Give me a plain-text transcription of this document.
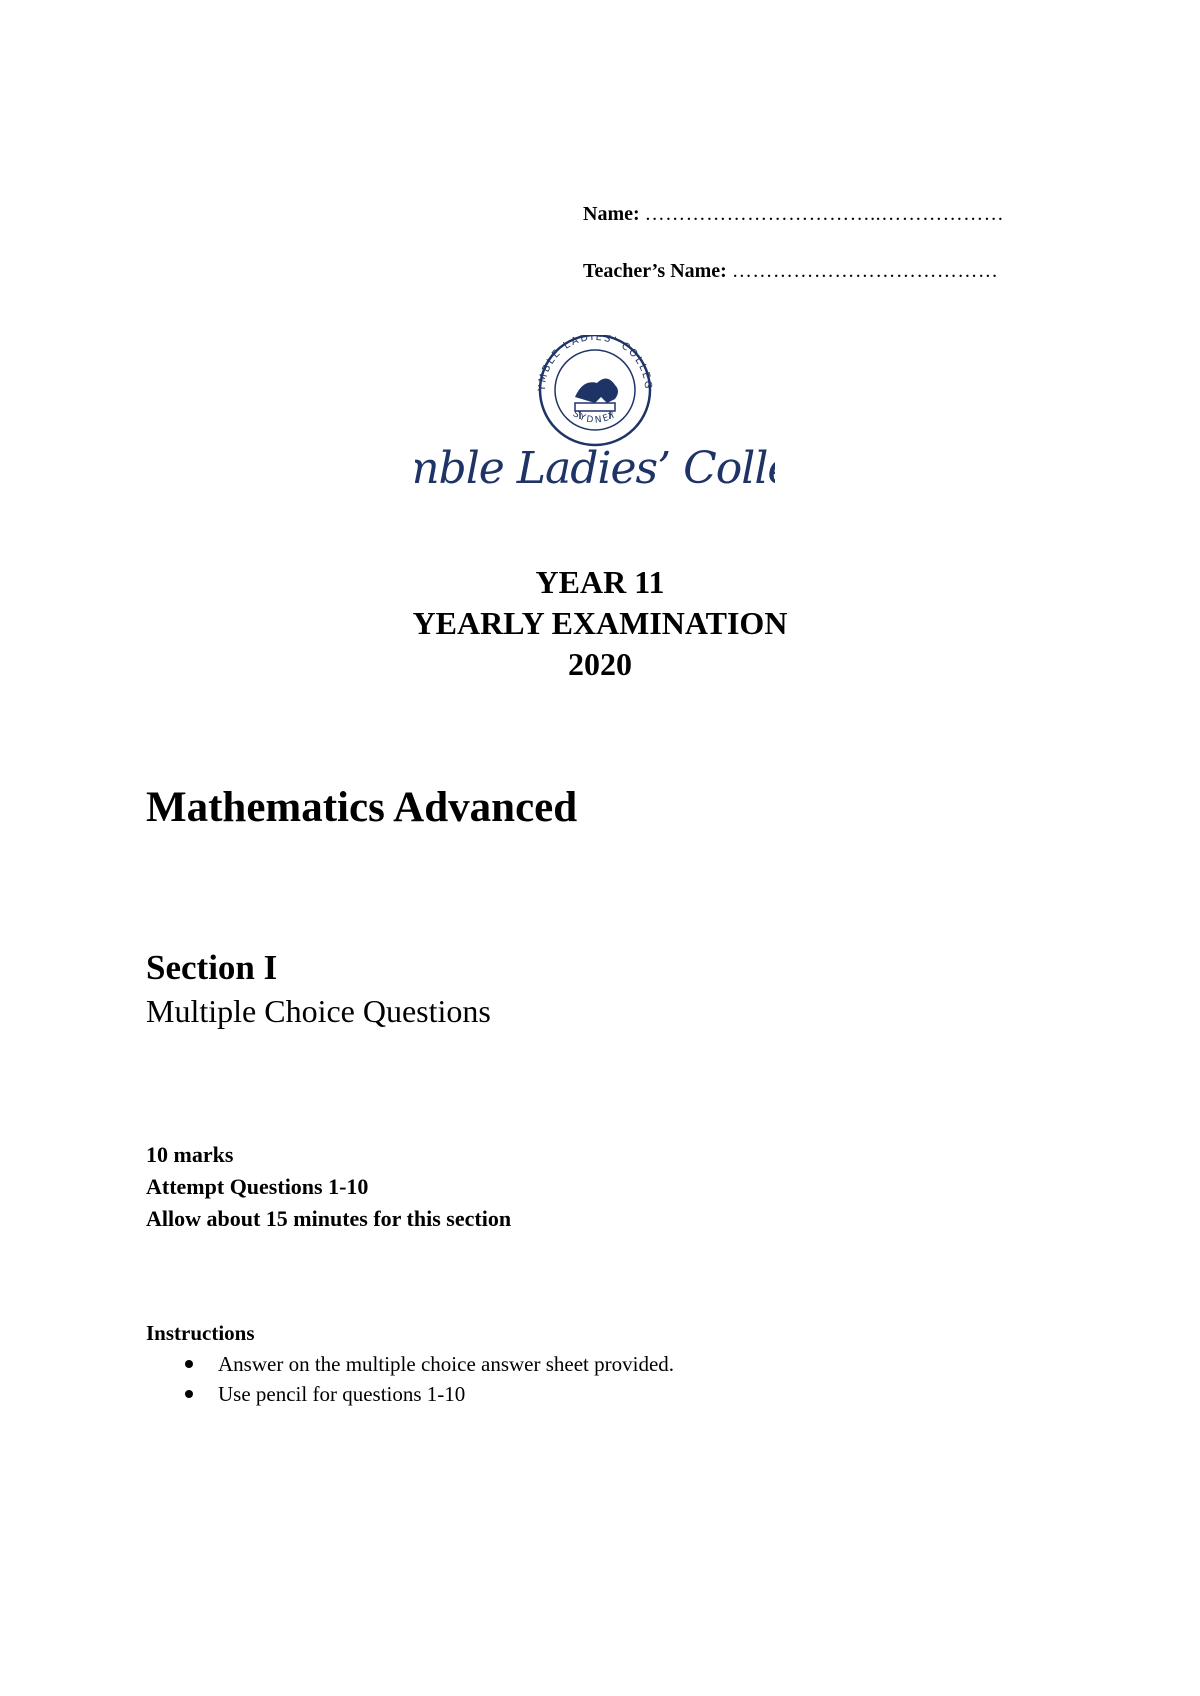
Name: ……………………………..………………
Teacher’s Name: …………………………………
YMBLE LADIES' COLLEG
SYDNEY
ble Ladies’ Coll
YEAR 11
YEARLY EXAMINATION
2020
Mathematics Advanced
Section I
Multiple Choice Questions
10 marks
Attempt Questions 1-10
Allow about 15 minutes for this section
Instructions
Answer on the multiple choice answer sheet provided.
Use pencil for questions 1-10
